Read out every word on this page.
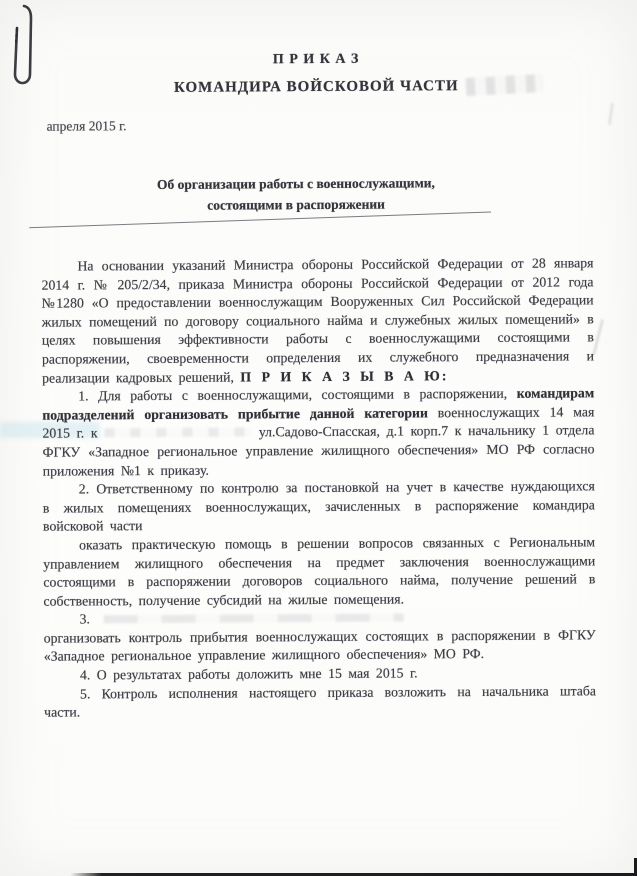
П Р И К А З
КОМАНДИРА ВОЙСКОВОЙ ЧАСТИ
апреля 2015 г.
Об организации работы с военнослужащими,
состоящими в распоряжении

На основании указаний Министра обороны Российской Федерации от 28 января 2014 г. № 205/2/34, приказа Министра обороны Российской Федерации от 2012 года №1280 «О предоставлении военнослужащим Вооруженных Сил Российской Федерации жилых помещений по договору социального найма и служебных жилых помещений» в целях повышения эффективности работы с военнослужащими состоящими в распоряжении, своевременности определения их служебного предназначения и реализации кадровых решений, П Р И К А З Ы В А Ю:

1. Для работы с военнослужащими, состоящими в распоряжении, командирам подразделений организовать прибытие данной категории военнослужащих 14 мая 2015 г. к	ул.Садово-Спасская, д.1 корп.7 к начальнику 1 отдела ФГКУ «Западное региональное управление жилищного обеспечения» МО РФ согласно приложения №1 к приказу.

2. Ответственному по контролю за постановкой на учет в качестве нуждающихся в жилых помещениях военнослужащих, зачисленных в распоряжение командира войсковой части

оказать практическую помощь в решении вопросов связанных с Региональным управлением жилищного обеспечения на предмет заключения военнослужащими состоящими в распоряжении договоров социального найма, получение решений в собственность, получение субсидий на жилые помещения.

3.

организовать контроль прибытия военнослужащих состоящих в распоряжении в ФГКУ «Западное региональное управление жилищного обеспечения» МО РФ.

4. О результатах работы доложить мне 15 мая 2015 г.

5. Контроль исполнения настоящего приказа возложить на начальника штаба части.
